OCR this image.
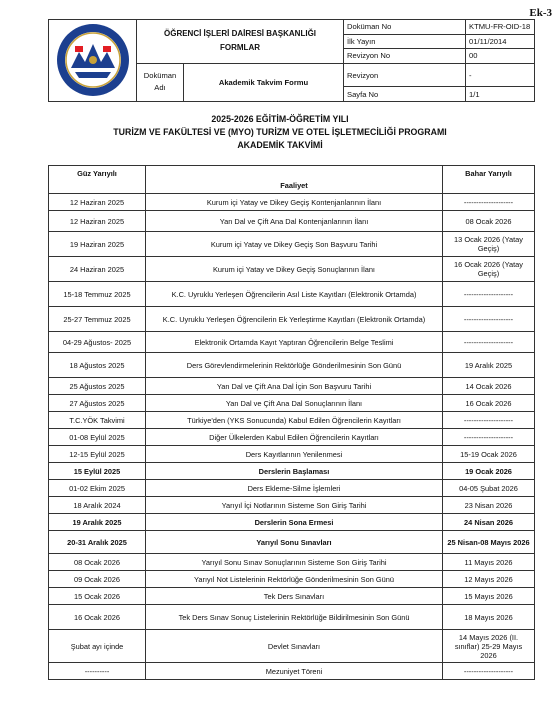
Ek-3

ÖĞRENCİ İŞLERİ DAİRESİ BAŞKANLIĞI
FORMLAR		Doküman No	KTMU-FR-OID-18
			İlk Yayın	01/11/2014
			Revizyon No	00

	Doküman
Adı	Akademik Takvim Formu	Revizyon	-
			Sayfa No	1/1
2025-2026 EĞİTİM-ÖĞRETİM YILI
TURİZM VE FAKÜLTESİ VE (MYO) TURİZM VE OTEL İŞLETMECİLİĞİ PROGRAMI
AKADEMİK TAKVİMİ
Güz Yarıyılı	Faaliyet	Bahar Yarıyılı
12 Haziran 2025	Kurum içi Yatay ve Dikey Geçiş Kontenjanlarının İlanı	--------------------
12 Haziran 2025	Yan Dal ve Çift Ana Dal Kontenjanlarının İlanı	08 Ocak 2026
19 Haziran 2025	Kurum içi Yatay ve Dikey Geçiş Son Başvuru Tarihi	13 Ocak 2026 (Yatay Geçiş)
24 Haziran 2025	Kurum içi Yatay ve Dikey Geçiş Sonuçlarının İlanı	16 Ocak 2026 (Yatay Geçiş)
15-18 Temmuz 2025	K.C. Uyruklu Yerleşen Öğrencilerin Asıl Liste Kayıtları (Elektronik Ortamda)	--------------------
25-27 Temmuz 2025	K.C. Uyruklu Yerleşen Öğrencilerin Ek Yerleştirme Kayıtları (Elektronik Ortamda)	--------------------
04-29 Ağustos- 2025	Elektronik Ortamda Kayıt Yaptıran Öğrencilerin Belge Teslimi	--------------------
18 Ağustos 2025	Ders Görevlendirmelerinin Rektörlüğe Gönderilmesinin Son Günü	19 Aralık 2025
25 Ağustos 2025	Yan Dal ve Çift Ana Dal İçin Son Başvuru Tarihi	14 Ocak 2026
27 Ağustos 2025	Yan Dal ve Çift Ana Dal Sonuçlarının İlanı	16 Ocak 2026
T.C.YÖK Takvimi	Türkiye'den (YKS Sonucunda) Kabul Edilen Öğrencilerin Kayıtları	--------------------
01-08 Eylül 2025	Diğer Ülkelerden Kabul Edilen Öğrencilerin Kayıtları	--------------------
12-15 Eylül 2025	Ders Kayıtlarının Yenilenmesi	15-19 Ocak 2026
15 Eylül 2025	Derslerin Başlaması	19 Ocak 2026
01-02 Ekim 2025	Ders Ekleme-Silme İşlemleri	04-05 Şubat 2026
18 Aralık 2024	Yarıyıl İçi Notlarının Sisteme Son Giriş Tarihi	23 Nisan 2026
19 Aralık 2025	Derslerin Sona Ermesi	24 Nisan 2026
20-31 Aralık 2025	Yarıyıl Sonu Sınavları	25 Nisan-08 Mayıs 2026
08 Ocak 2026	Yarıyıl Sonu Sınav Sonuçlarının Sisteme Son Giriş Tarihi	11 Mayıs 2026
09 Ocak 2026	Yarıyıl Not Listelerinin Rektörlüğe Gönderilmesinin Son Günü	12 Mayıs 2026
15 Ocak 2026	Tek Ders Sınavları	15 Mayıs 2026
16 Ocak 2026	Tek Ders Sınav Sonuç Listelerinin Rektörlüğe Bildirilmesinin Son Günü	18 Mayıs 2026
Şubat ayı içinde	Devlet Sınavları	14 Mayıs 2026 (II. sınıflar) 25-29 Mayıs 2026
----------	Mezuniyet Töreni	--------------------
